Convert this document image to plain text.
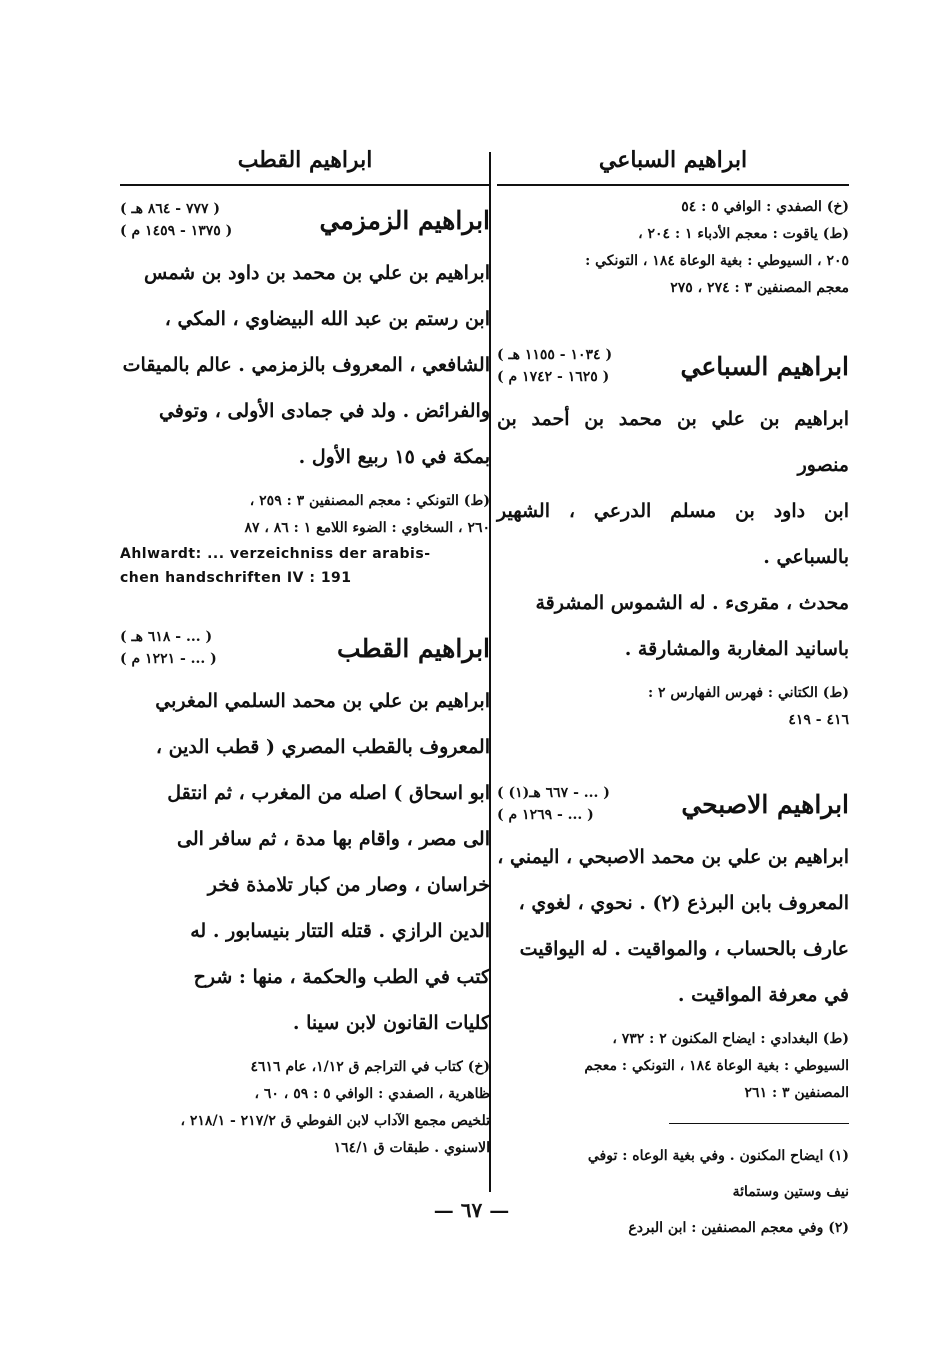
ابراهيم السباعي
(خ) الصفدي : الوافي ٥ : ٥٤
(ط) ياقوت : معجم الأدباء ١ : ٢٠٤ ،
٢٠٥ ، السيوطي : بغية الوعاة ١٨٤ ، التونكي :
معجم المصنفين ٣ : ٢٧٤ ، ٢٧٥
ابراهيم السباعي
( ١٠٣٤ - ١١٥٥ هـ )
( ١٦٢٥ - ١٧٤٢ م )
ابراهيم بن علي بن محمد بن أحمد بن منصور
ابن داود بن مسلم الدرعي ، الشهير بالسباعي .
محدث ، مقرىء . له الشموس المشرقة
باسانيد المغاربة والمشارقة .
(ط) الكتاني : فهرس الفهارس ٢ :
٤١٦ - ٤١٩
ابراهيم الاصبحي
( ... - ٦٦٧ هـ(١) )
( ... - ١٢٦٩ م )
ابراهيم بن علي بن محمد الاصبحي ، اليمني ،
المعروف بابن البرذع (٢) . نحوي ، لغوي ،
عارف بالحساب ، والمواقيت . له اليواقيت
في معرفة المواقيت .
(ط) البغدادي : ايضاح المكنون ٢ : ٧٣٢ ،
السيوطي : بغية الوعاة ١٨٤ ، التونكي : معجم
المصنفين ٣ : ٢٦١
(١) ايضاح المكنون . وفي بغية الوعاه : توفي
نيف وستين وستمائة
(٢) وفي معجم المصنفين : ابن البردع
ابراهيم القطب
ابراهيم الزمزمي
( ٧٧٧ - ٨٦٤ هـ )
( ١٣٧٥ - ١٤٥٩ م )
ابراهيم بن علي بن محمد بن داود بن شمس
ابن رستم بن عبد الله البيضاوي ، المكي ،
الشافعي ، المعروف بالزمزمي . عالم بالميقات
والفرائض . ولد في جمادى الأولى ، وتوفي
بمكة في ١٥ ربيع الأول .
(ط) التونكي : معجم المصنفين ٣ : ٢٥٩ ،
٢٦٠ ، السخاوي : الضوء اللامع ١ : ٨٦ ، ٨٧
Ahlwardt: ... verzeichniss der arabis-
chen handschriften IV : 191
ابراهيم القطب
( ... - ٦١٨ هـ )
( ... - ١٢٢١ م )
ابراهيم بن علي بن محمد السلمي المغربي
المعروف بالقطب المصري ( قطب الدين ،
ابو اسحاق ) اصله من المغرب ، ثم انتقل
الى مصر ، واقام بها مدة ، ثم سافر الى
خراسان ، وصار من كبار تلامذة فخر
الدين الرازي . قتله التتار بنيسابور . له
كتب في الطب والحكمة ، منها : شرح
كليات القانون لابن سينا .
(خ) كتاب في التراجم ق ١/١٢، عام ٤٦١٦
ظاهرية ، الصفدي : الوافي ٥ : ٥٩ ، ٦٠ ،
تلخيص مجمع الآداب لابن الفوطي ق ٢١٧/٢ - ٢١٨/١ ،
الاسنوي . طبقات ق ١٦٤/١
— ٦٧ —
